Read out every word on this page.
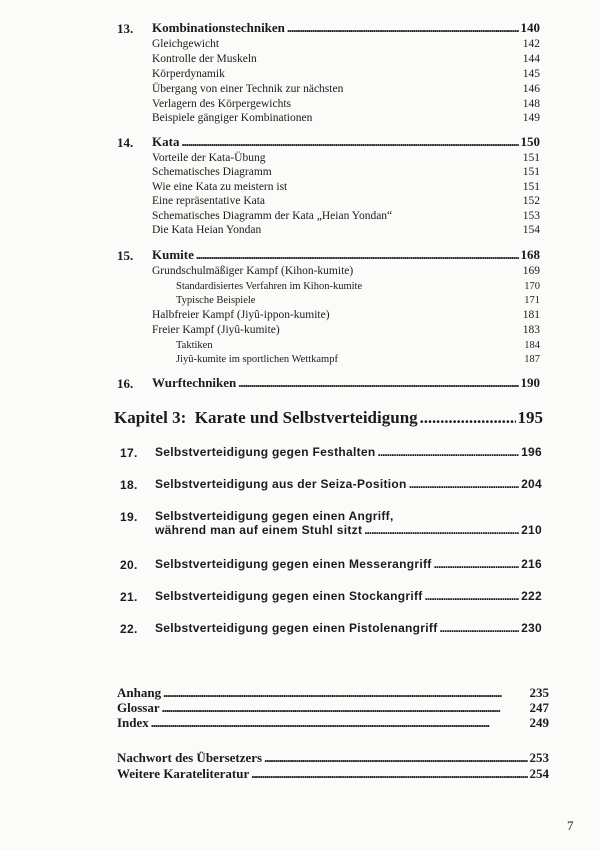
13. Kombinationstechniken . . .	140
Gleichgewicht	142
Kontrolle der Muskeln	144
Körperdynamik	145
Übergang von einer Technik zur nächsten	146
Verlagern des Körpergewichts	148
Beispiele gängiger Kombinationen	149
14. Kata . . .	150
Vorteile der Kata-Übung	151
Schematisches Diagramm	151
Wie eine Kata zu meistern ist	151
Eine repräsentative Kata	152
Schematisches Diagramm der Kata „Heian Yondan“	153
Die Kata Heian Yondan	154
15. Kumite . . .	168
Grundschulmäßiger Kampf (Kihon-kumite)	169
Standardisiertes Verfahren im Kihon-kumite	170
Typische Beispiele	171
Halbfreier Kampf (Jiyû-ippon-kumite)	181
Freier Kampf (Jiyû-kumite)	183
Taktiken	184
Jiyû-kumite im sportlichen Wettkampf	187
16. Wurftechniken . . .	190
Kapitel 3:  Karate und Selbstverteidigung . . .	195
17. Selbstverteidigung gegen Festhalten . . .	196
18. Selbstverteidigung aus der Seiza-Position . . .	204
19. Selbstverteidigung gegen einen Angriff,
während man auf einem Stuhl sitzt . . .	210
20. Selbstverteidigung gegen einen Messerangriff . . .	216
21. Selbstverteidigung gegen einen Stockangriff . . .	222
22. Selbstverteidigung gegen einen Pistolenangriff . . .	230
Anhang . . .	235
Glossar . . .	247
Index . . .	249
Nachwort des Übersetzers . . .	253
Weitere Karateliteratur . . .	254
7
